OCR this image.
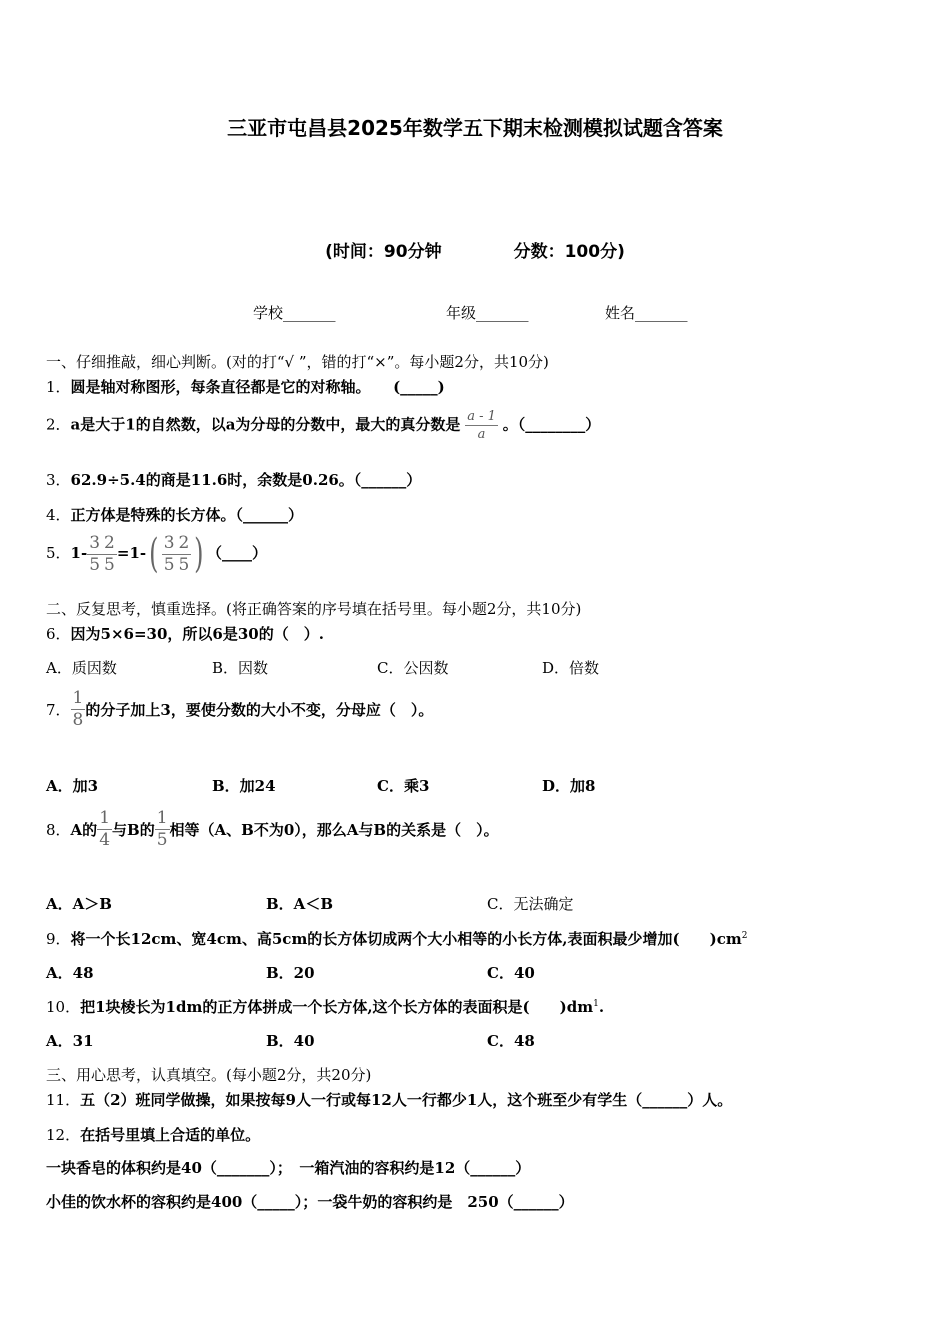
三亚市屯昌县2025年数学五下期末检测模拟试题含答案
(时间：90分钟	分数：100分)
学校_______	年级_______	姓名_______
一、仔细推敲，细心判断。(对的打“√ ”，错的打“×”。每小题2分，共10分)
1．圆是轴对称图形，每条直径都是它的对称轴。　　 (_____)
2．a是大于1的自然数，以a为分母的分数中，最大的真分数是 $\frac{a - 1}{a}$ 。（________）
3．62.9÷5.4的商是11.6时，余数是0.26。（______）
4．正方体是特殊的长方体。（______）
5．$1- \frac{3}{5} \frac{2}{5} =1-( \frac{3}{5} \frac{2}{5}$ ) （____）
二、反复思考，慎重选择。(将正确答案的序号填在括号里。每小题2分，共10分)
6．因为5×6=30，所以6是30的（　）.
A．质因数	B．因数	C．公因数	D．倍数
7． $\frac{1}{8}$ 的分子加上3，要使分数的大小不变，分母应（　）。
A．加3	B．加24	C．乘3	D．加8
8．A的 $\frac{1}{4}$ 与B的 $\frac{1}{5}$ 相等（A、B不为0），那么A与B的关系是（　）。
A．A＞B	B．A＜B	C．无法确定
9．将一个长12cm、宽4cm、高5cm的长方体切成两个大小相等的小长方体,表面积最少增加(　　)$cm^2$
A．48	B．20	C．40
10．把1块棱长为1dm的正方体拼成一个长方体,这个长方体的表面积是(　　)$dm^1$.
A．31	B．40	C．48
三、用心思考，认真填空。(每小题2分，共20分)
11．五（2）班同学做操，如果按每9人一行或每12人一行都少1人，这个班至少有学生（______）人。
12．在括号里填上合适的单位。
一块香皂的体积约是40（_______）；　一箱汽油的容积约是12（______）
小佳的饮水杯的容积约是400（_____）；一袋牛奶的容积约是　250（______）
